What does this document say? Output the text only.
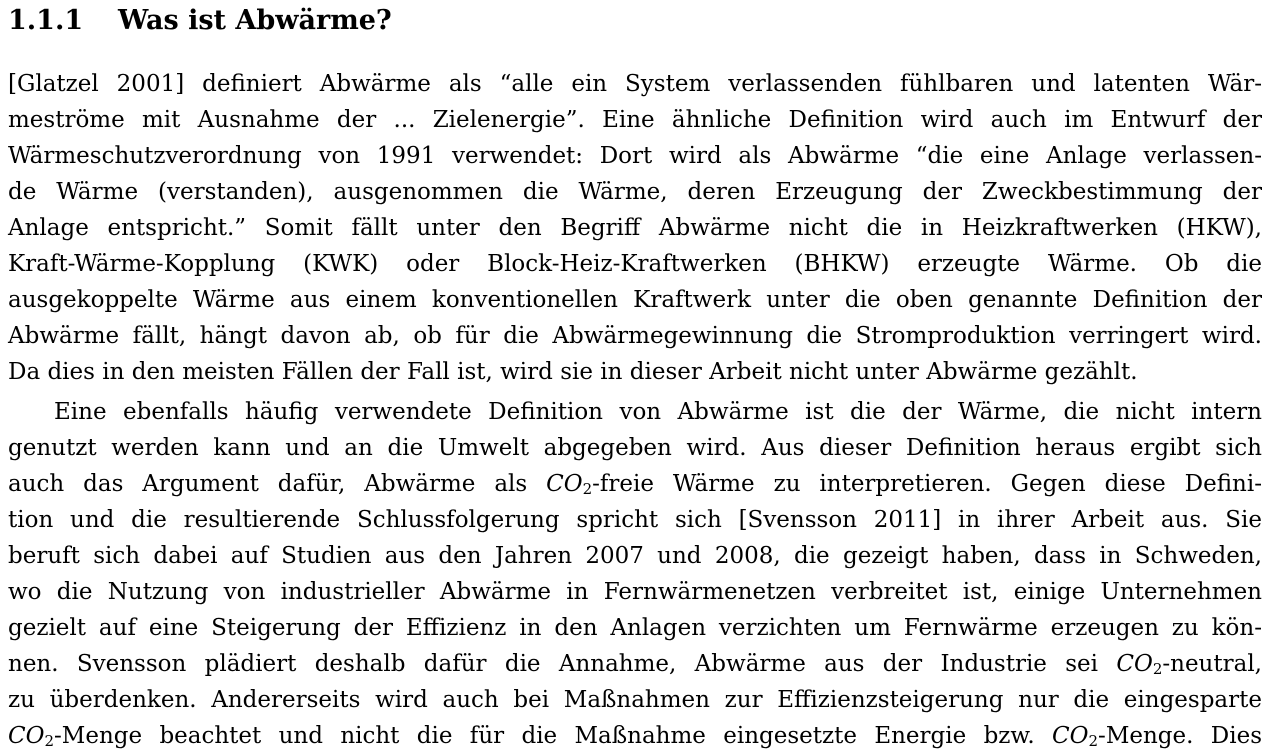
1.1.1 Was ist Abwärme?
[Glatzel 2001] definiert Abwärme als “alle ein System verlassenden fühlbaren und latenten Wär-
meströme mit Ausnahme der ... Zielenergie”. Eine ähnliche Definition wird auch im Entwurf der
Wärmeschutzverordnung von 1991 verwendet: Dort wird als Abwärme “die eine Anlage verlassen-
de Wärme (verstanden), ausgenommen die Wärme, deren Erzeugung der Zweckbestimmung der
Anlage entspricht.” Somit fällt unter den Begriff Abwärme nicht die in Heizkraftwerken (HKW),
Kraft-Wärme-Kopplung (KWK) oder Block-Heiz-Kraftwerken (BHKW) erzeugte Wärme. Ob die
ausgekoppelte Wärme aus einem konventionellen Kraftwerk unter die oben genannte Definition der
Abwärme fällt, hängt davon ab, ob für die Abwärmegewinnung die Stromproduktion verringert wird.
Da dies in den meisten Fällen der Fall ist, wird sie in dieser Arbeit nicht unter Abwärme gezählt.
Eine ebenfalls häufig verwendete Definition von Abwärme ist die der Wärme, die nicht intern
genutzt werden kann und an die Umwelt abgegeben wird. Aus dieser Definition heraus ergibt sich
auch das Argument dafür, Abwärme als $CO_2$-freie Wärme zu interpretieren. Gegen diese Defini-
tion und die resultierende Schlussfolgerung spricht sich [Svensson 2011] in ihrer Arbeit aus. Sie
beruft sich dabei auf Studien aus den Jahren 2007 und 2008, die gezeigt haben, dass in Schweden,
wo die Nutzung von industrieller Abwärme in Fernwärmenetzen verbreitet ist, einige Unternehmen
gezielt auf eine Steigerung der Effizienz in den Anlagen verzichten um Fernwärme erzeugen zu kön-
nen. Svensson plädiert deshalb dafür die Annahme, Abwärme aus der Industrie sei $CO_2$-neutral,
zu überdenken. Andererseits wird auch bei Maßnahmen zur Effizienzsteigerung nur die eingesparte
$CO_2$-Menge beachtet und nicht die für die Maßnahme eingesetzte Energie bzw. $CO_2$-Menge. Dies
